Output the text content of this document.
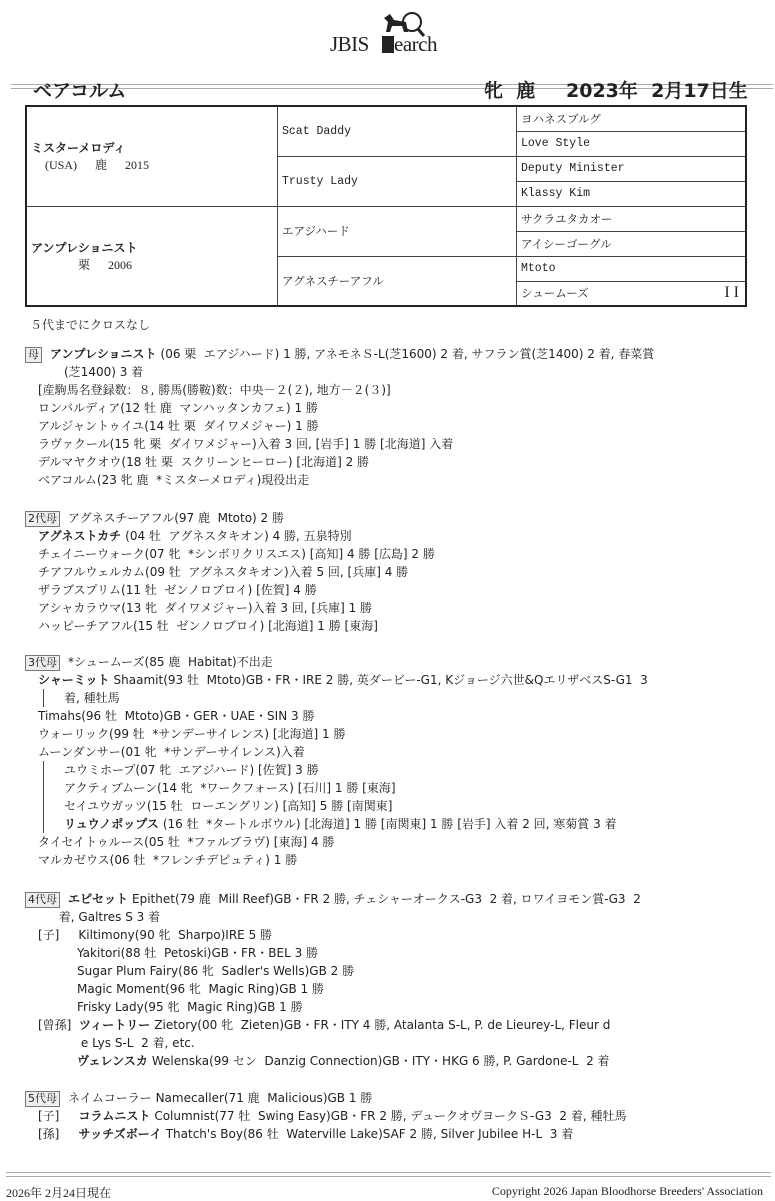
JBIS Search
ベアコルム	牝  鹿 2023年  2月17日生
ミスターメロディ
(USA)      鹿      2015	Scat Daddy	ヨハネスブルグ
		Love Style
	Trusty Lady	Deputy Minister
		Klassy Kim

アンプレショニスト
栗      2006	エアジハード	サクラユタカオー
		アイシーゴーグル
	アグネスチーアフル	Mtoto
		シュームーズ I I
５代までにクロスなし
母 アンプレショニスト (06 栗  エアジハード) 1 勝, アネモネＳ-L(芝1600) 2 着, サフラン賞(芝1400) 2 着, 春菜賞
(芝1400) 3 着
[産駒馬名登録数：８, 勝馬(勝鞍)数：中央－２(２), 地方－２(３)]
ロンバルディア(12 牡 鹿  マンハッタンカフェ) 1 勝
アルジャントゥイユ(14 牡 栗  ダイワメジャー) 1 勝
ラヴァクール(15 牝 栗  ダイワメジャー)入着 3 回, [岩手] 1 勝 [北海道] 入着
デルマヤクオウ(18 牡 栗  スクリーンヒーロー) [北海道] 2 勝
ベアコルム(23 牝 鹿  *ミスターメロディ)現役出走
2代母 アグネスチーアフル(97 鹿  Mtoto) 2 勝
アグネストカチ (04 牡  アグネスタキオン) 4 勝, 五泉特別
チェイニーウォーク(07 牝  *シンボリクリスエス) [高知] 4 勝 [広島] 2 勝
チアフルウェルカム(09 牡  アグネスタキオン)入着 5 回, [兵庫] 4 勝
ザラブスプリム(11 牡  ゼンノロブロイ) [佐賀] 4 勝
アシャカラウマ(13 牝  ダイワメジャー)入着 3 回, [兵庫] 1 勝
ハッピーチアフル(15 牡  ゼンノロブロイ) [北海道] 1 勝 [東海]
3代母 *シュームーズ(85 鹿  Habitat)不出走
シャーミット Shaamit(93 牡  Mtoto)GB・FR・IRE 2 勝, 英ダービー-G1, Kジョージ六世&QエリザベスS-G1  3
着, 種牡馬
Timahs(96 牡  Mtoto)GB・GER・UAE・SIN 3 勝
ウォーリック(99 牡  *サンデーサイレンス) [北海道] 1 勝
ムーンダンサー(01 牝  *サンデーサイレンス)入着
ユウミホープ(07 牝  エアジハード) [佐賀] 3 勝
アクティブムーン(14 牝  *ワークフォース) [石川] 1 勝 [東海]
セイユウガッツ(15 牡  ローエングリン) [高知] 5 勝 [南関東]
リュウノポップス (16 牡  *タートルボウル) [北海道] 1 勝 [南関東] 1 勝 [岩手] 入着 2 回, 寒菊賞 3 着
タイセイトゥルース(05 牡  *ファルブラヴ) [東海] 4 勝
マルカゼウス(06 牡  *フレンチデピュティ) 1 勝
4代母 エピセット Epithet(79 鹿  Mill Reef)GB・FR 2 勝, チェシャーオークス-G3  2 着, ロワイヨモン賞-G3  2
着, Galtres S 3 着
[子]     Kiltimony(90 牝  Sharpo)IRE 5 勝
Yakitori(88 牡  Petoski)GB・FR・BEL 3 勝
Sugar Plum Fairy(86 牝  Sadler's Wells)GB 2 勝
Magic Moment(96 牝  Magic Ring)GB 1 勝
Frisky Lady(95 牝  Magic Ring)GB 1 勝
[曾孫]  ツィートリー Zietory(00 牝  Zieten)GB・FR・ITY 4 勝, Atalanta S-L, P. de Lieurey-L, Fleur d
e Lys S-L  2 着, etc.
ヴェレンスカ Welenska(99 セン  Danzig Connection)GB・ITY・HKG 6 勝, P. Gardone-L  2 着
5代母 ネイムコーラー Namecaller(71 鹿  Malicious)GB 1 勝
[子]     コラムニスト Columnist(77 牡  Swing Easy)GB・FR 2 勝, デュークオヴヨークＳ-G3  2 着, 種牡馬
[孫]     サッチズボーイ Thatch's Boy(86 牡  Waterville Lake)SAF 2 勝, Silver Jubilee H-L  3 着
2026年 2月24日現在	Copyright 2026 Japan Bloodhorse Breeders' Association
